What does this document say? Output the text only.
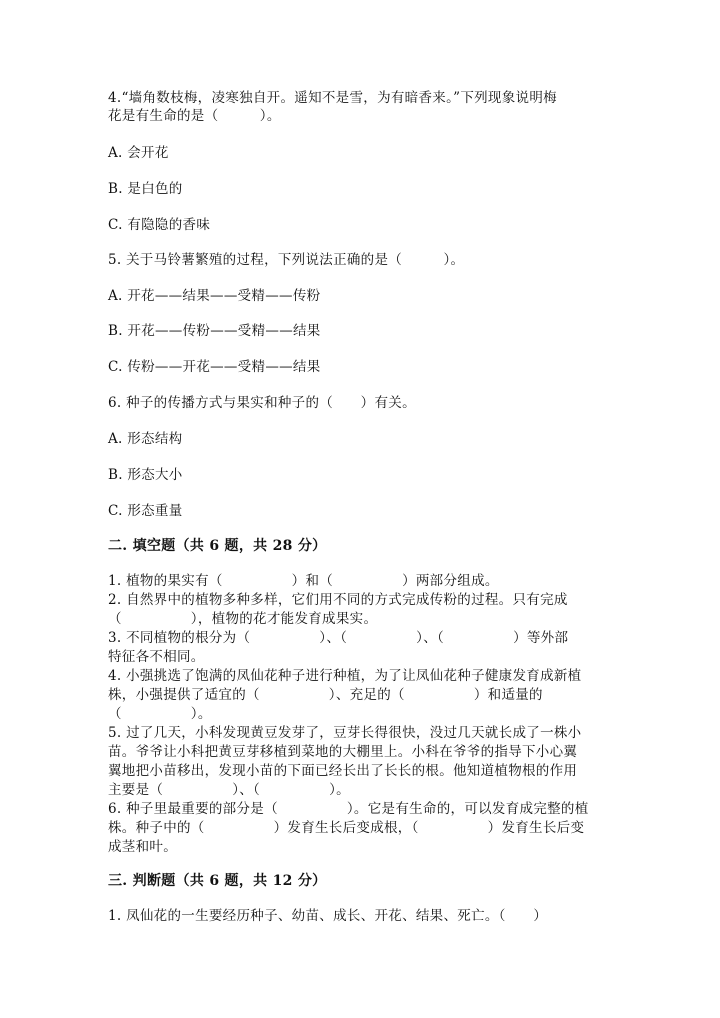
4.“墙角数枝梅，凌寒独自开。遥知不是雪，为有暗香来。”下列现象说明梅
花是有生命的是（　　　）。
A. 会开花
B. 是白色的
C. 有隐隐的香味
5. 关于马铃薯繁殖的过程，下列说法正确的是（　　　）。
A. 开花——结果——受精——传粉
B. 开花——传粉——受精——结果
C. 传粉——开花——受精——结果
6. 种子的传播方式与果实和种子的（　　）有关。
A. 形态结构
B. 形态大小
C. 形态重量
二. 填空题（共 6 题，共 28 分）
1. 植物的果实有（　　　　　）和（　　　　　）两部分组成。
2. 自然界中的植物多种多样，它们用不同的方式完成传粉的过程。只有完成
（　　　　　），植物的花才能发育成果实。
3. 不同植物的根分为（　　　　　）、（　　　　　）、（　　　　　）等外部
特征各不相同。
4. 小强挑选了饱满的凤仙花种子进行种植，为了让凤仙花种子健康发育成新植
株，小强提供了适宜的（　　　　　）、充足的（　　　　　）和适量的
（　　　　　）。
5. 过了几天，小科发现黄豆发芽了，豆芽长得很快，没过几天就长成了一株小
苗。爷爷让小科把黄豆芽移植到菜地的大棚里上。小科在爷爷的指导下小心翼
翼地把小苗移出，发现小苗的下面已经长出了长长的根。他知道植物根的作用
主要是（　　　　　）、（　　　　　）。
6. 种子里最重要的部分是（　　　　　）。它是有生命的，可以发育成完整的植
株。种子中的（　　　　　）发育生长后变成根，（　　　　　）发育生长后变
成茎和叶。
三. 判断题（共 6 题，共 12 分）
1. 凤仙花的一生要经历种子、幼苗、成长、开花、结果、死亡。（　　）
